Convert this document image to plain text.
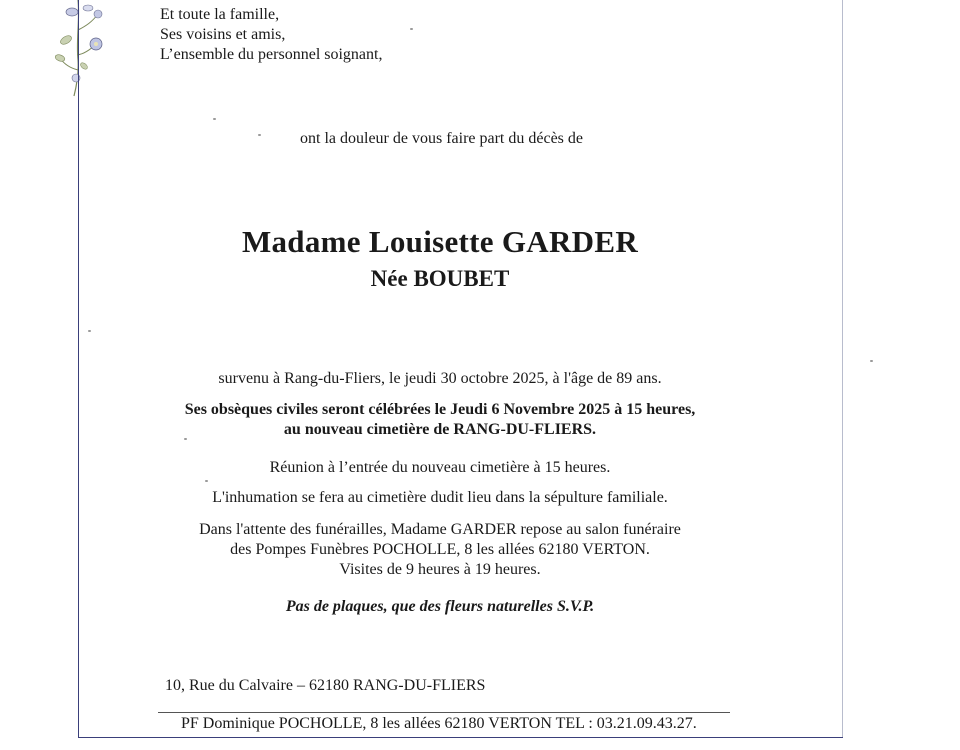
Et toute la famille,

Ses voisins et amis,

L’ensemble du personnel soignant,

ont la douleur de vous faire part du décès de

Madame Louisette GARDER

Née BOUBET

survenu à Rang-du-Fliers, le jeudi 30 octobre 2025, à l'âge de 89 ans.

Ses obsèques civiles seront célébrées le Jeudi 6 Novembre 2025 à 15 heures,

au nouveau cimetière de RANG-DU-FLIERS.

Réunion à l’entrée du nouveau cimetière à 15 heures.

L'inhumation se fera au cimetière dudit lieu dans la sépulture familiale.

Dans l'attente des funérailles, Madame GARDER repose au salon funéraire

des Pompes Funèbres POCHOLLE, 8 les allées 62180 VERTON.

Visites de 9 heures à 19 heures.

Pas de plaques, que des fleurs naturelles S.V.P.

10, Rue du Calvaire – 62180 RANG-DU-FLIERS

PF Dominique POCHOLLE, 8 les allées 62180 VERTON TEL : 03.21.09.43.27.
